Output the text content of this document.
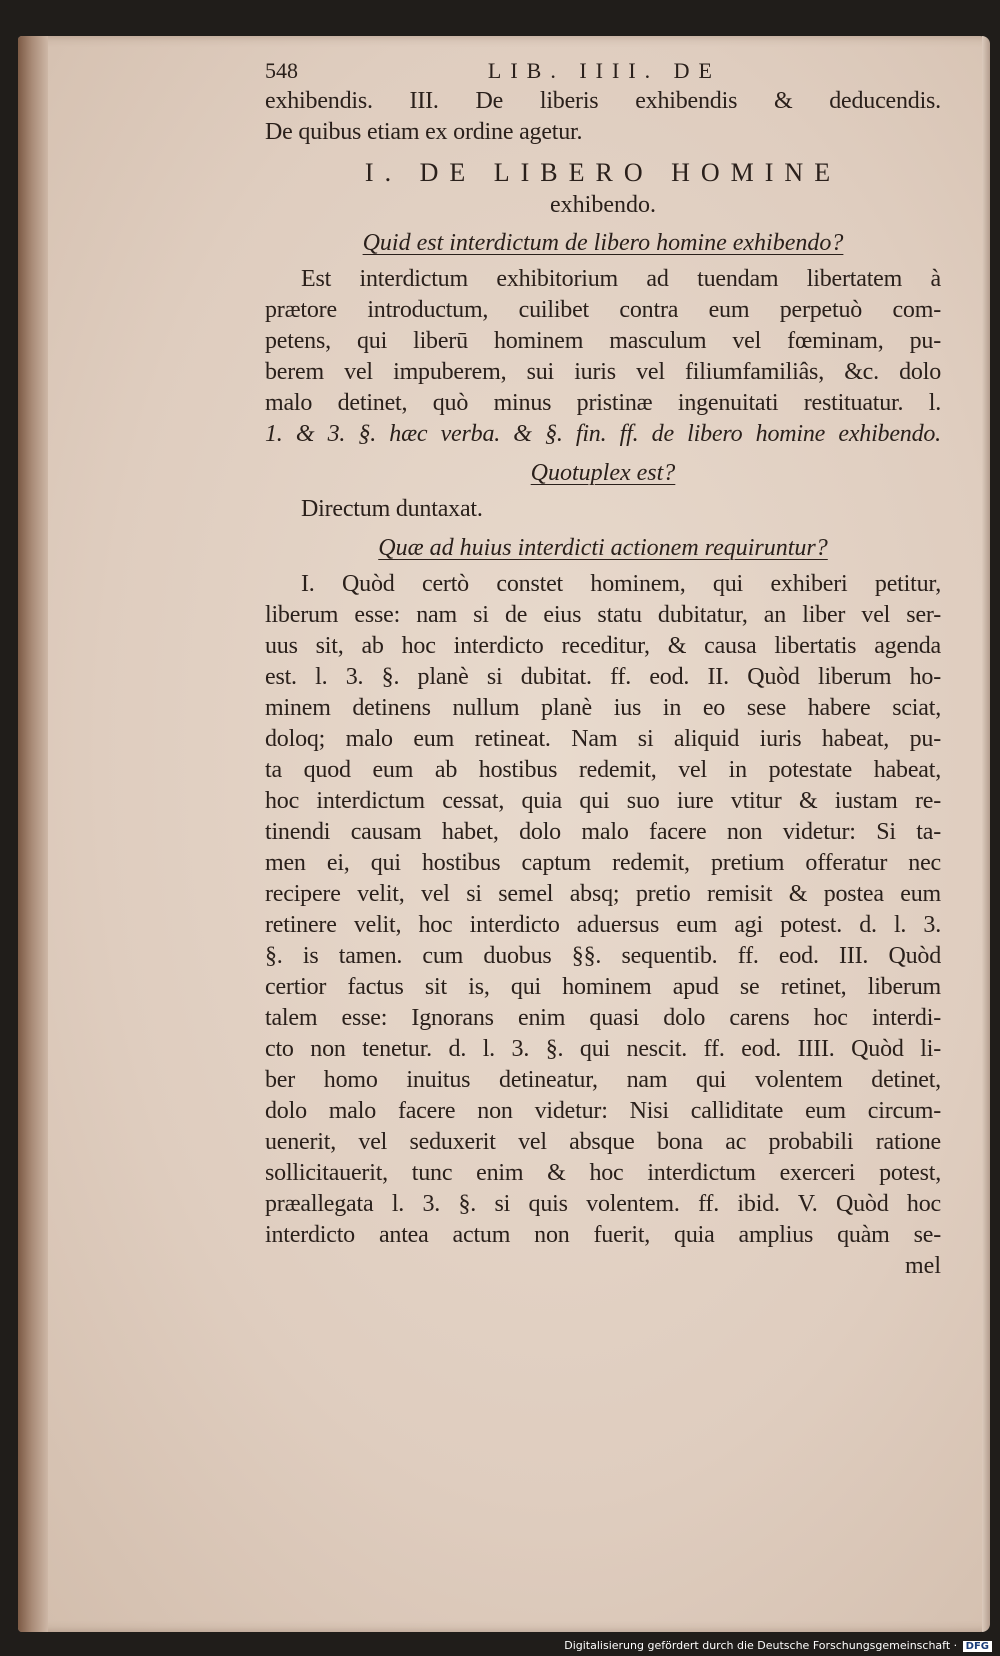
548	LIB. IIII. DE
exhibendis. III. De liberis exhibendis & deducendis.
De quibus etiam ex ordine agetur.
I. DE LIBERO HOMINE
exhibendo.
Quid est interdictum de libero homine exhibendo?
Est interdictum exhibitorium ad tuendam libertatem à
prætore introductum, cuilibet contra eum perpetuò com-
petens, qui liberū hominem masculum vel fœminam, pu-
berem vel impuberem, sui iuris vel filiumfamiliâs, &c. dolo
malo detinet, quò minus pristinæ ingenuitati restituatur. l.
1. & 3. §. hæc verba. & §. fin. ff. de libero homine exhibendo.
Quotuplex est?
Directum duntaxat.
Quæ ad huius interdicti actionem requiruntur?
I. Quòd certò constet hominem, qui exhiberi petitur,
liberum esse: nam si de eius statu dubitatur, an liber vel ser-
uus sit, ab hoc interdicto receditur, & causa libertatis agenda
est. l. 3. §. planè si dubitat. ff. eod. II. Quòd liberum ho-
minem detinens nullum planè ius in eo sese habere sciat,
doloq; malo eum retineat. Nam si aliquid iuris habeat, pu-
ta quod eum ab hostibus redemit, vel in potestate habeat,
hoc interdictum cessat, quia qui suo iure vtitur & iustam re-
tinendi causam habet, dolo malo facere non videtur: Si ta-
men ei, qui hostibus captum redemit, pretium offeratur nec
recipere velit, vel si semel absq; pretio remisit & postea eum
retinere velit, hoc interdicto aduersus eum agi potest. d. l. 3.
§. is tamen. cum duobus §§. sequentib. ff. eod. III. Quòd
certior factus sit is, qui hominem apud se retinet, liberum
talem esse: Ignorans enim quasi dolo carens hoc interdi-
cto non tenetur. d. l. 3. §. qui nescit. ff. eod. IIII. Quòd li-
ber homo inuitus detineatur, nam qui volentem detinet,
dolo malo facere non videtur: Nisi calliditate eum circum-
uenerit, vel seduxerit vel absque bona ac probabili ratione
sollicitauerit, tunc enim & hoc interdictum exerceri potest,
præallegata l. 3. §. si quis volentem. ff. ibid. V. Quòd hoc
interdicto antea actum non fuerit, quia amplius quàm se-
mel
Digitalisierung gefördert durch die Deutsche Forschungsgemeinschaft · DFG
